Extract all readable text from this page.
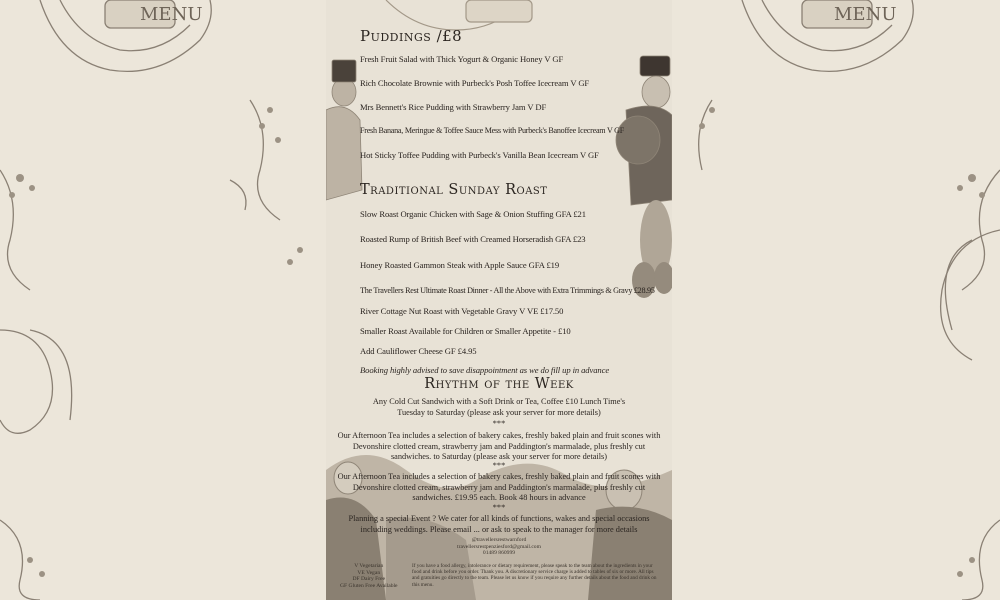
MENU	MENU
Puddings /£8
Fresh Fruit Salad with Thick Yogurt & Organic Honey V GF
Rich Chocolate Brownie with Purbeck's Posh Toffee Icecream V GF
Mrs Bennett's Rice Pudding with Strawberry Jam V DF
Fresh Banana, Meringue & Toffee Sauce Mess with Purbeck's Banoffee Icecream V GF
Hot Sticky Toffee Pudding with Purbeck's Vanilla Bean Icecream V GF
Traditional Sunday Roast
Slow Roast Organic Chicken with Sage & Onion Stuffing GFA £21
Roasted Rump of British Beef with Creamed Horseradish GFA £23
Honey Roasted Gammon Steak with Apple Sauce GFA £19
The Travellers Rest Ultimate Roast Dinner - All the Above with Extra Trimmings & Gravy £28.95
River Cottage Nut Roast with Vegetable Gravy V VE £17.50
Smaller Roast Available for Children or Smaller Appetite - £10
Add Cauliflower Cheese GF £4.95
Booking highly advised to save disappointment as we do fill up in advance
Rhythm of the Week
Any Cold Cut Sandwich with a Soft Drink or Tea, Coffee £10 Lunch Time's Tuesday to Saturday (please ask your server for more details)
***
Our Afternoon Tea includes a selection of bakery cakes, freshly baked plain and fruit scones with Devonshire clotted cream, strawberry jam and Paddington's marmalade, plus freshly cut sandwiches. to Saturday (please ask your server for more details)
***
Our Afternoon Tea includes a selection of bakery cakes, freshly baked plain and fruit scones with Devonshire clotted cream, strawberry jam and Paddington's marmalade, plus freshly cut sandwiches. £19.95 each. Book 48 hours in advance
***
Planning a special Event ? We cater for all kinds of functions, wakes and special occasions including weddings. Please email ... or ask to speak to the manager for more details
@travellersrestwarnford
travellersrestpenziesford@gmail.com
01489 860999
V Vegetarian
VE Vegan
DF Dairy Free
GF Gluten Free Available
If you have a food allergy, intolerance or dietary requirement, please speak to the team about the ingredients in your food and drink before you order. Thank you. A discretionary service charge is added to tables of six or more. All tips and gratuities go directly to the team. Please let us know if you require any further details about the food and drink on this menu.
